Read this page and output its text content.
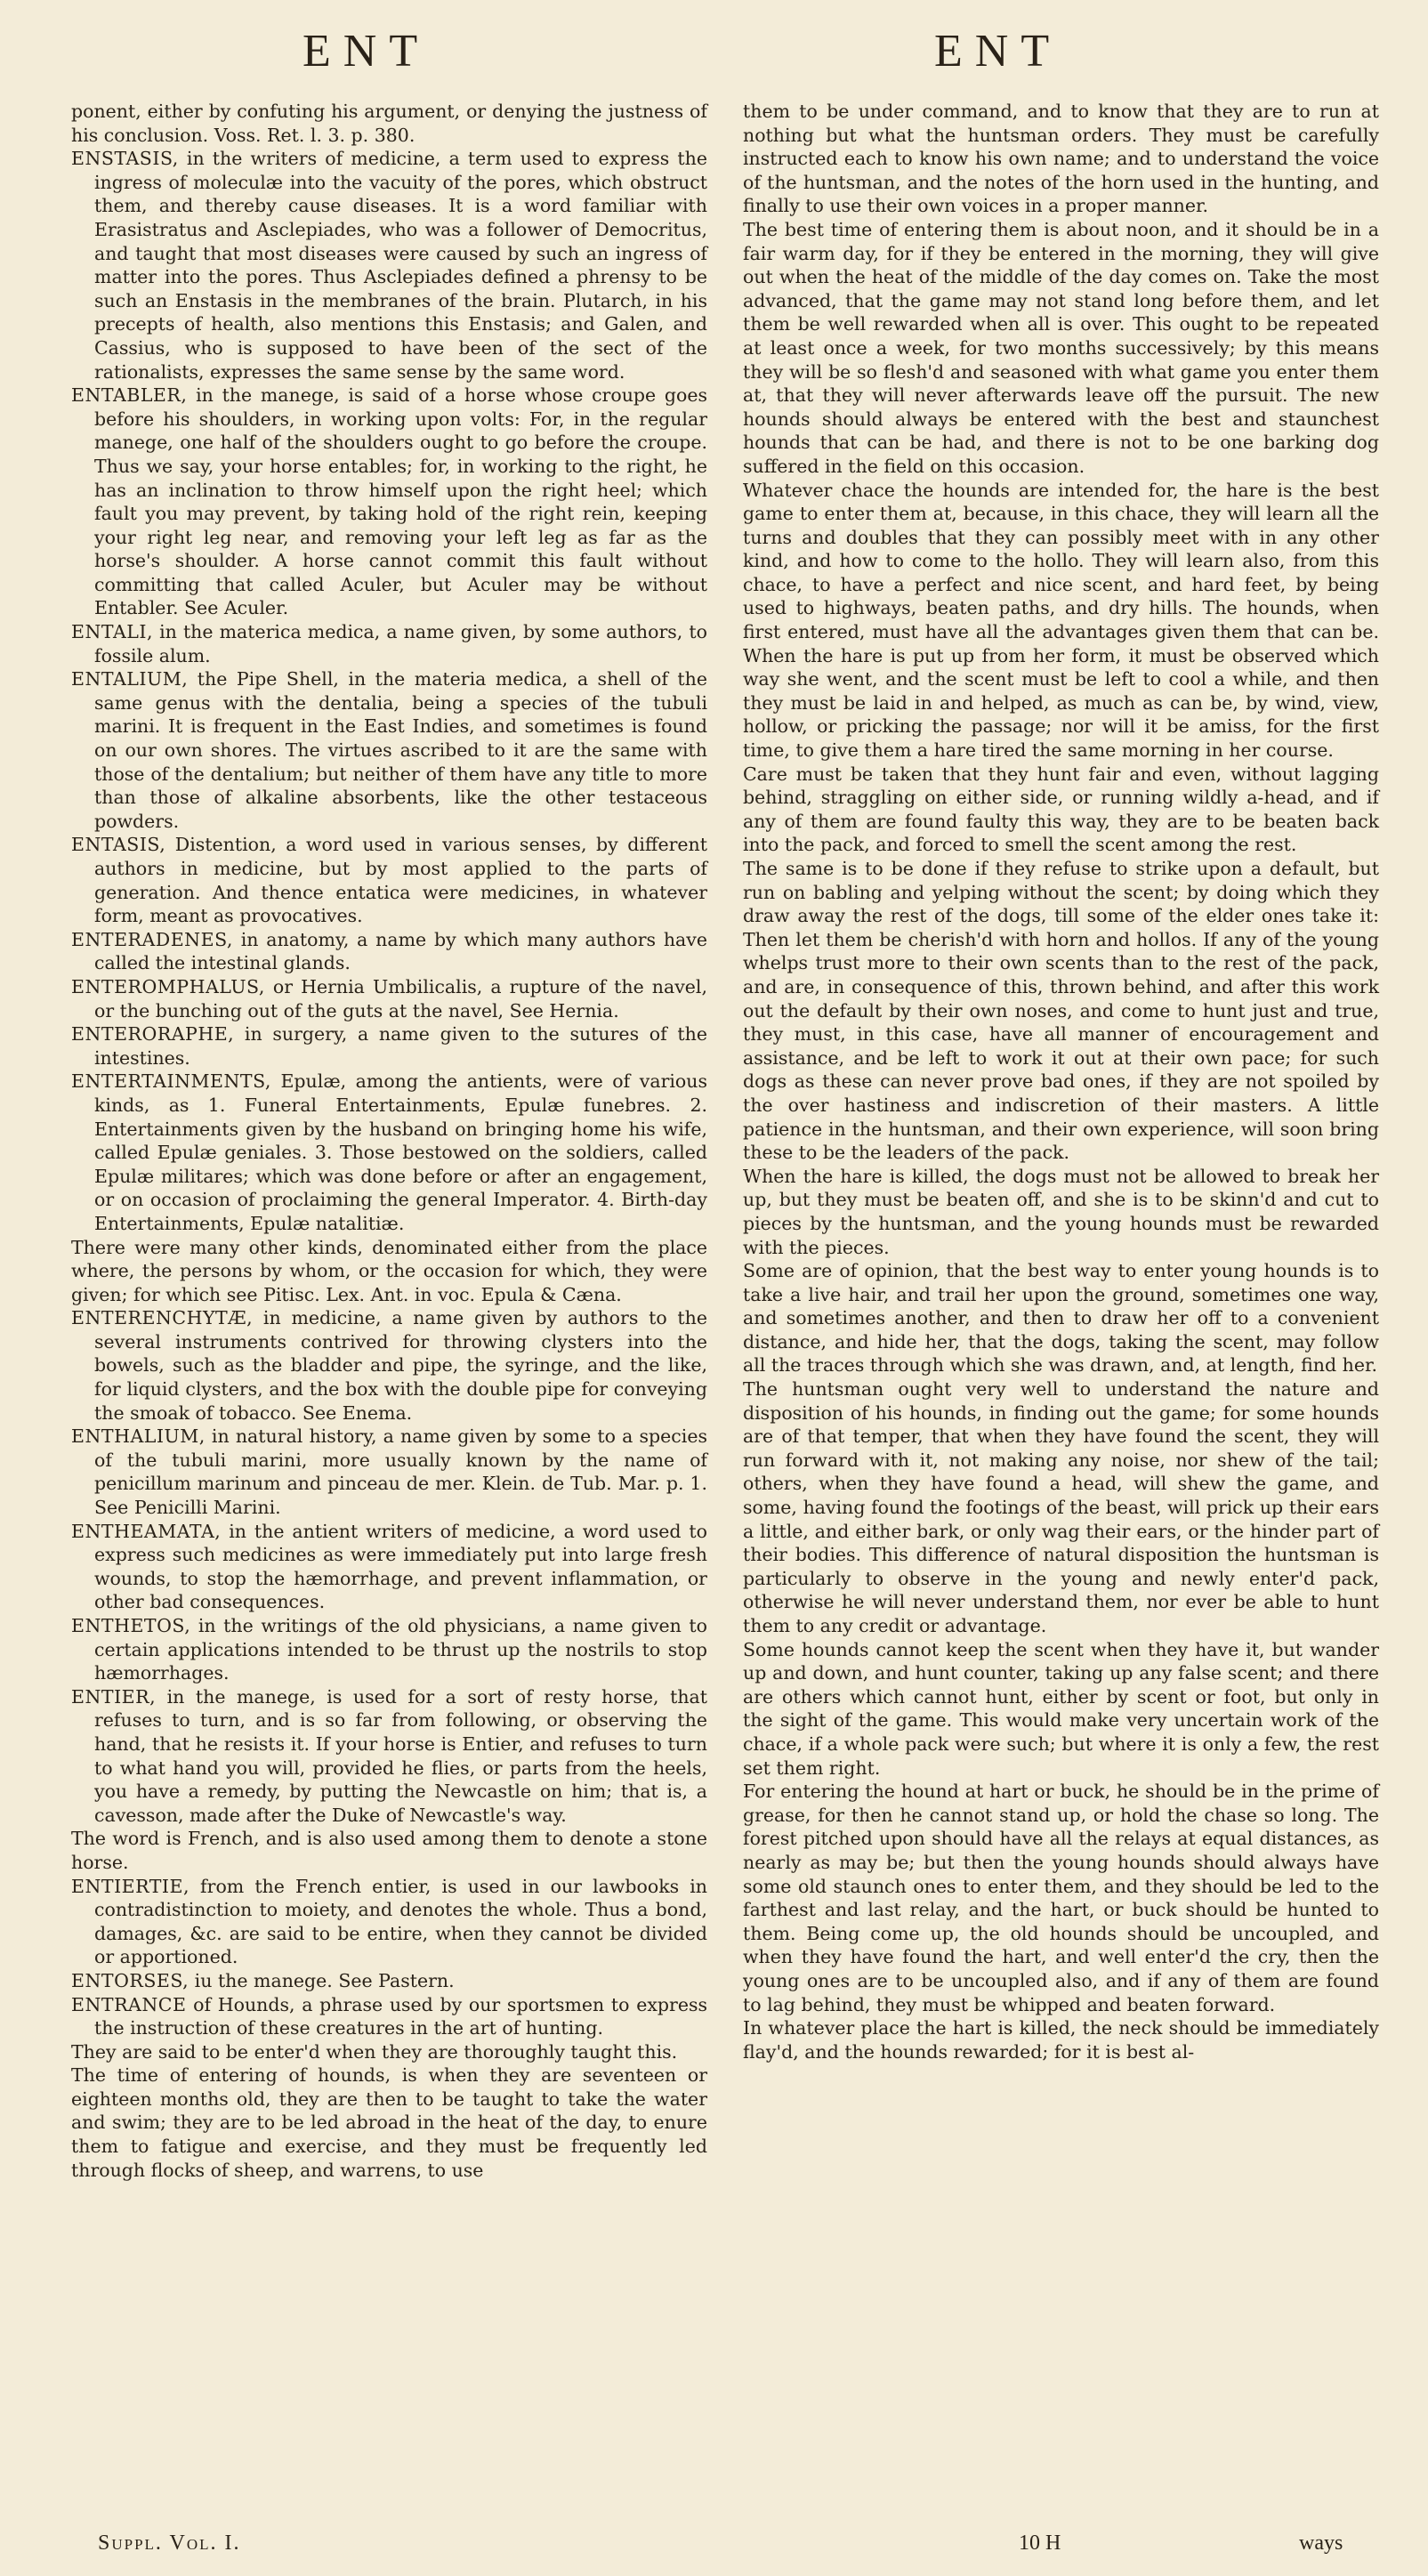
ENT	ENT

ponent, either by confuting his argument, or denying the justness of his conclusion. Voss. Ret. l. 3. p. 380.

ENSTASIS, in the writers of medicine, a term used to express the ingress of moleculæ into the vacuity of the pores, which obstruct them, and thereby cause diseases. It is a word familiar with Erasistratus and Asclepiades, who was a follower of Democritus, and taught that most diseases were caused by such an ingress of matter into the pores. Thus Asclepiades defined a phrensy to be such an Enstasis in the membranes of the brain. Plutarch, in his precepts of health, also mentions this Enstasis; and Galen, and Cassius, who is supposed to have been of the sect of the rationalists, expresses the same sense by the same word.

ENTABLER, in the manege, is said of a horse whose croupe goes before his shoulders, in working upon volts: For, in the regular manege, one half of the shoulders ought to go before the croupe. Thus we say, your horse entables; for, in working to the right, he has an inclination to throw himself upon the right heel; which fault you may prevent, by taking hold of the right rein, keeping your right leg near, and removing your left leg as far as the horse's shoulder. A horse cannot commit this fault without committing that called Aculer, but Aculer may be without Entabler. See Aculer.

ENTALI, in the materica medica, a name given, by some authors, to fossile alum.

ENTALIUM, the Pipe Shell, in the materia medica, a shell of the same genus with the dentalia, being a species of the tubuli marini. It is frequent in the East Indies, and sometimes is found on our own shores. The virtues ascribed to it are the same with those of the dentalium; but neither of them have any title to more than those of alkaline absorbents, like the other testaceous powders.

ENTASIS, Distention, a word used in various senses, by different authors in medicine, but by most applied to the parts of generation. And thence entatica were medicines, in whatever form, meant as provocatives.

ENTERADENES, in anatomy, a name by which many authors have called the intestinal glands.

ENTEROMPHALUS, or Hernia Umbilicalis, a rupture of the navel, or the bunching out of the guts at the navel, See Hernia.

ENTERORAPHE, in surgery, a name given to the sutures of the intestines.

ENTERTAINMENTS, Epulæ, among the antients, were of various kinds, as 1. Funeral Entertainments, Epulæ funebres. 2. Entertainments given by the husband on bringing home his wife, called Epulæ geniales. 3. Those bestowed on the soldiers, called Epulæ militares; which was done before or after an engagement, or on occasion of proclaiming the general Imperator. 4. Birth-day Entertainments, Epulæ natalitiæ.

There were many other kinds, denominated either from the place where, the persons by whom, or the occasion for which, they were given; for which see Pitisc. Lex. Ant. in voc. Epula & Cæna.

ENTERENCHYTÆ, in medicine, a name given by authors to the several instruments contrived for throwing clysters into the bowels, such as the bladder and pipe, the syringe, and the like, for liquid clysters, and the box with the double pipe for conveying the smoak of tobacco. See Enema.

ENTHALIUM, in natural history, a name given by some to a species of the tubuli marini, more usually known by the name of penicillum marinum and pinceau de mer. Klein. de Tub. Mar. p. 1. See Penicilli Marini.

ENTHEAMATA, in the antient writers of medicine, a word used to express such medicines as were immediately put into large fresh wounds, to stop the hæmorrhage, and prevent inflammation, or other bad consequences.

ENTHETOS, in the writings of the old physicians, a name given to certain applications intended to be thrust up the nostrils to stop hæmorrhages.

ENTIER, in the manege, is used for a sort of resty horse, that refuses to turn, and is so far from following, or observing the hand, that he resists it. If your horse is Entier, and refuses to turn to what hand you will, provided he flies, or parts from the heels, you have a remedy, by putting the Newcastle on him; that is, a cavesson, made after the Duke of Newcastle's way.

The word is French, and is also used among them to denote a stone horse.

ENTIERTIE, from the French entier, is used in our lawbooks in contradistinction to moiety, and denotes the whole. Thus a bond, damages, &c. are said to be entire, when they cannot be divided or apportioned.

ENTORSES, iu the manege. See Pastern.

ENTRANCE of Hounds, a phrase used by our sportsmen to express the instruction of these creatures in the art of hunting.

They are said to be enter'd when they are thoroughly taught this.

The time of entering of hounds, is when they are seventeen or eighteen months old, they are then to be taught to take the water and swim; they are to be led abroad in the heat of the day, to enure them to fatigue and exercise, and they must be frequently led through flocks of sheep, and warrens, to use

them to be under command, and to know that they are to run at nothing but what the huntsman orders. They must be carefully instructed each to know his own name; and to understand the voice of the huntsman, and the notes of the horn used in the hunting, and finally to use their own voices in a proper manner.

The best time of entering them is about noon, and it should be in a fair warm day, for if they be entered in the morning, they will give out when the heat of the middle of the day comes on. Take the most advanced, that the game may not stand long before them, and let them be well rewarded when all is over. This ought to be repeated at least once a week, for two months successively; by this means they will be so flesh'd and seasoned with what game you enter them at, that they will never afterwards leave off the pursuit. The new hounds should always be entered with the best and staunchest hounds that can be had, and there is not to be one barking dog suffered in the field on this occasion.

Whatever chace the hounds are intended for, the hare is the best game to enter them at, because, in this chace, they will learn all the turns and doubles that they can possibly meet with in any other kind, and how to come to the hollo. They will learn also, from this chace, to have a perfect and nice scent, and hard feet, by being used to highways, beaten paths, and dry hills. The hounds, when first entered, must have all the advantages given them that can be. When the hare is put up from her form, it must be observed which way she went, and the scent must be left to cool a while, and then they must be laid in and helped, as much as can be, by wind, view, hollow, or pricking the passage; nor will it be amiss, for the first time, to give them a hare tired the same morning in her course.

Care must be taken that they hunt fair and even, without lagging behind, straggling on either side, or running wildly a-head, and if any of them are found faulty this way, they are to be beaten back into the pack, and forced to smell the scent among the rest.

The same is to be done if they refuse to strike upon a default, but run on babling and yelping without the scent; by doing which they draw away the rest of the dogs, till some of the elder ones take it: Then let them be cherish'd with horn and hollos. If any of the young whelps trust more to their own scents than to the rest of the pack, and are, in consequence of this, thrown behind, and after this work out the default by their own noses, and come to hunt just and true, they must, in this case, have all manner of encouragement and assistance, and be left to work it out at their own pace; for such dogs as these can never prove bad ones, if they are not spoiled by the over hastiness and indiscretion of their masters. A little patience in the huntsman, and their own experience, will soon bring these to be the leaders of the pack.

When the hare is killed, the dogs must not be allowed to break her up, but they must be beaten off, and she is to be skinn'd and cut to pieces by the huntsman, and the young hounds must be rewarded with the pieces.

Some are of opinion, that the best way to enter young hounds is to take a live hair, and trail her upon the ground, sometimes one way, and sometimes another, and then to draw her off to a convenient distance, and hide her, that the dogs, taking the scent, may follow all the traces through which she was drawn, and, at length, find her.

The huntsman ought very well to understand the nature and disposition of his hounds, in finding out the game; for some hounds are of that temper, that when they have found the scent, they will run forward with it, not making any noise, nor shew of the tail; others, when they have found a head, will shew the game, and some, having found the footings of the beast, will prick up their ears a little, and either bark, or only wag their ears, or the hinder part of their bodies. This difference of natural disposition the huntsman is particularly to observe in the young and newly enter'd pack, otherwise he will never understand them, nor ever be able to hunt them to any credit or advantage.

Some hounds cannot keep the scent when they have it, but wander up and down, and hunt counter, taking up any false scent; and there are others which cannot hunt, either by scent or foot, but only in the sight of the game. This would make very uncertain work of the chace, if a whole pack were such; but where it is only a few, the rest set them right.

For entering the hound at hart or buck, he should be in the prime of grease, for then he cannot stand up, or hold the chase so long. The forest pitched upon should have all the relays at equal distances, as nearly as may be; but then the young hounds should always have some old staunch ones to enter them, and they should be led to the farthest and last relay, and the hart, or buck should be hunted to them. Being come up, the old hounds should be uncoupled, and when they have found the hart, and well enter'd the cry, then the young ones are to be uncoupled also, and if any of them are found to lag behind, they must be whipped and beaten forward.

In whatever place the hart is killed, the neck should be immediately flay'd, and the hounds rewarded; for it is best al-

Suppl. Vol. I.	10 H	ways
